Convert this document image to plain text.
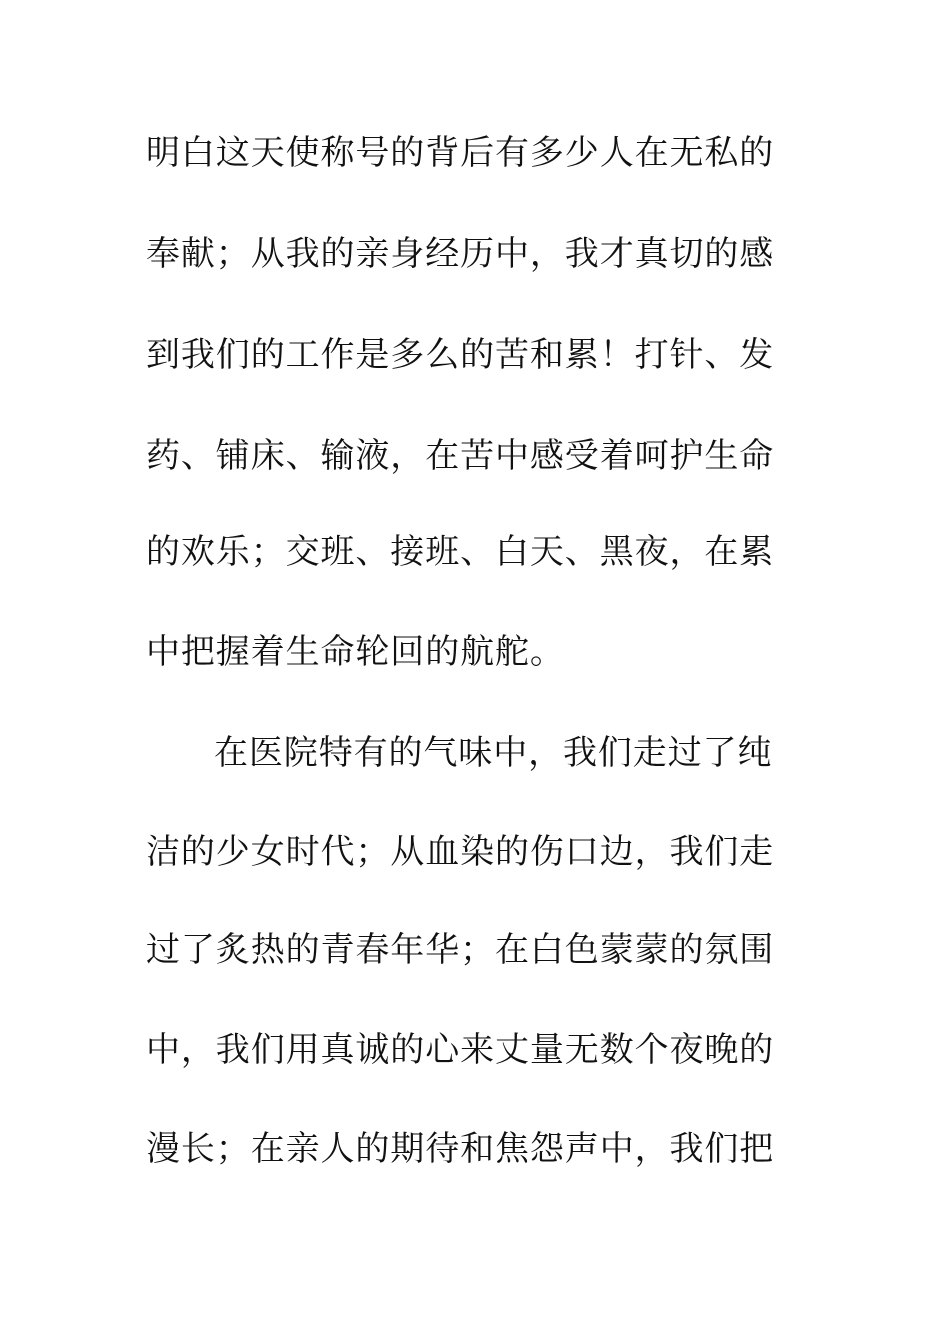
明白这天使称号的背后有多少人在无私的
奉献；从我的亲身经历中，我才真切的感
到我们的工作是多么的苦和累！打针、发
药、铺床、输液，在苦中感受着呵护生命
的欢乐；交班、接班、白天、黑夜，在累
中把握着生命轮回的航舵。
在医院特有的气味中，我们走过了纯
洁的少女时代；从血染的伤口边，我们走
过了炙热的青春年华；在白色蒙蒙的氛围
中，我们用真诚的心来丈量无数个夜晚的
漫长；在亲人的期待和焦怨声中，我们把
